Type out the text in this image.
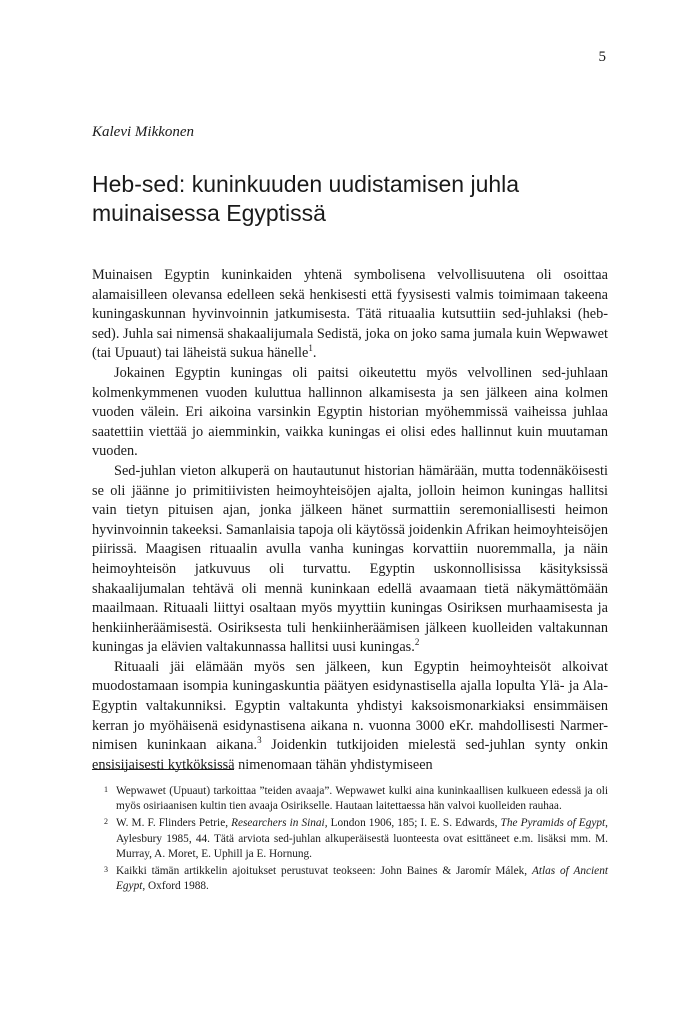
5
Kalevi Mikkonen
Heb-sed: kuninkuuden uudistamisen juhla muinaisessa Egyptissä

Muinaisen Egyptin kuninkaiden yhtenä symbolisena velvollisuutena oli osoittaa alamaisilleen olevansa edelleen sekä henkisesti että fyysisesti valmis toimimaan takeena kuningaskunnan hyvinvoinnin jatkumisesta. Tätä rituaalia kutsuttiin sed-juhlaksi (heb-sed). Juhla sai nimensä shakaalijumala Sedistä, joka on joko sama jumala kuin Wepwawet (tai Upuaut) tai läheistä sukua hänelle$^1$.

Jokainen Egyptin kuningas oli paitsi oikeutettu myös velvollinen sed-juhlaan kolmenkymmenen vuoden kuluttua hallinnon alkamisesta ja sen jälkeen aina kolmen vuoden välein. Eri aikoina varsinkin Egyptin historian myöhemmissä vaiheissa juhlaa saatettiin viettää jo aiemminkin, vaikka kuningas ei olisi edes hallinnut kuin muutaman vuoden.

Sed-juhlan vieton alkuperä on hautautunut historian hämärään, mutta todennäköisesti se oli jäänne jo primitiivisten heimoyhteisöjen ajalta, jolloin heimon kuningas hallitsi vain tietyn pituisen ajan, jonka jälkeen hänet surmattiin seremoniallisesti heimon hyvinvoinnin takeeksi. Samanlaisia tapoja oli käytössä joidenkin Afrikan heimoyhteisöjen piirissä. Maagisen rituaalin avulla vanha kuningas korvattiin nuoremmalla, ja näin heimoyhteisön jatkuvuus oli turvattu. Egyptin uskonnollisissa käsityksissä shakaalijumalan tehtävä oli mennä kuninkaan edellä avaamaan tietä näkymättömään maailmaan. Rituaali liittyi osaltaan myös myyttiin kuningas Osiriksen murhaamisesta ja henkiinheräämisestä. Osiriksesta tuli henkiinheräämisen jälkeen kuolleiden valtakunnan kuningas ja elävien valtakunnassa hallitsi uusi kuningas.$^2$

Rituaali jäi elämään myös sen jälkeen, kun Egyptin heimoyhteisöt alkoivat muodostamaan isompia kuningaskuntia päätyen esidynastisella ajalla lopulta Ylä- ja Ala-Egyptin valtakunniksi. Egyptin valtakunta yhdistyi kaksoismonarkiaksi ensimmäisen kerran jo myöhäisenä esidynastisena aikana n. vuonna 3000 eKr. mahdollisesti Narmer-nimisen kuninkaan aikana.$^3$ Joidenkin tutkijoiden mielestä sed-juhlan synty onkin ensisijaisesti kytköksissä nimenomaan tähän yhdistymiseen

1 Wepwawet (Upuaut) tarkoittaa ”teiden avaaja”. Wepwawet kulki aina kuninkaallisen kulkueen edessä ja oli myös osiriaanisen kultin tien avaaja Osirikselle. Hautaan laitettaessa hän valvoi kuolleiden rauhaa.
2 W. M. F. Flinders Petrie, Researchers in Sinai, London 1906, 185; I. E. S. Edwards, The Pyramids of Egypt, Aylesbury 1985, 44. Tätä arviota sed-juhlan alkuperäisestä luonteesta ovat esittäneet e.m. lisäksi mm. M. Murray, A. Moret, E. Uphill ja E. Hornung.
3 Kaikki tämän artikkelin ajoitukset perustuvat teokseen: John Baines & Jaromír Málek, Atlas of Ancient Egypt, Oxford 1988.
